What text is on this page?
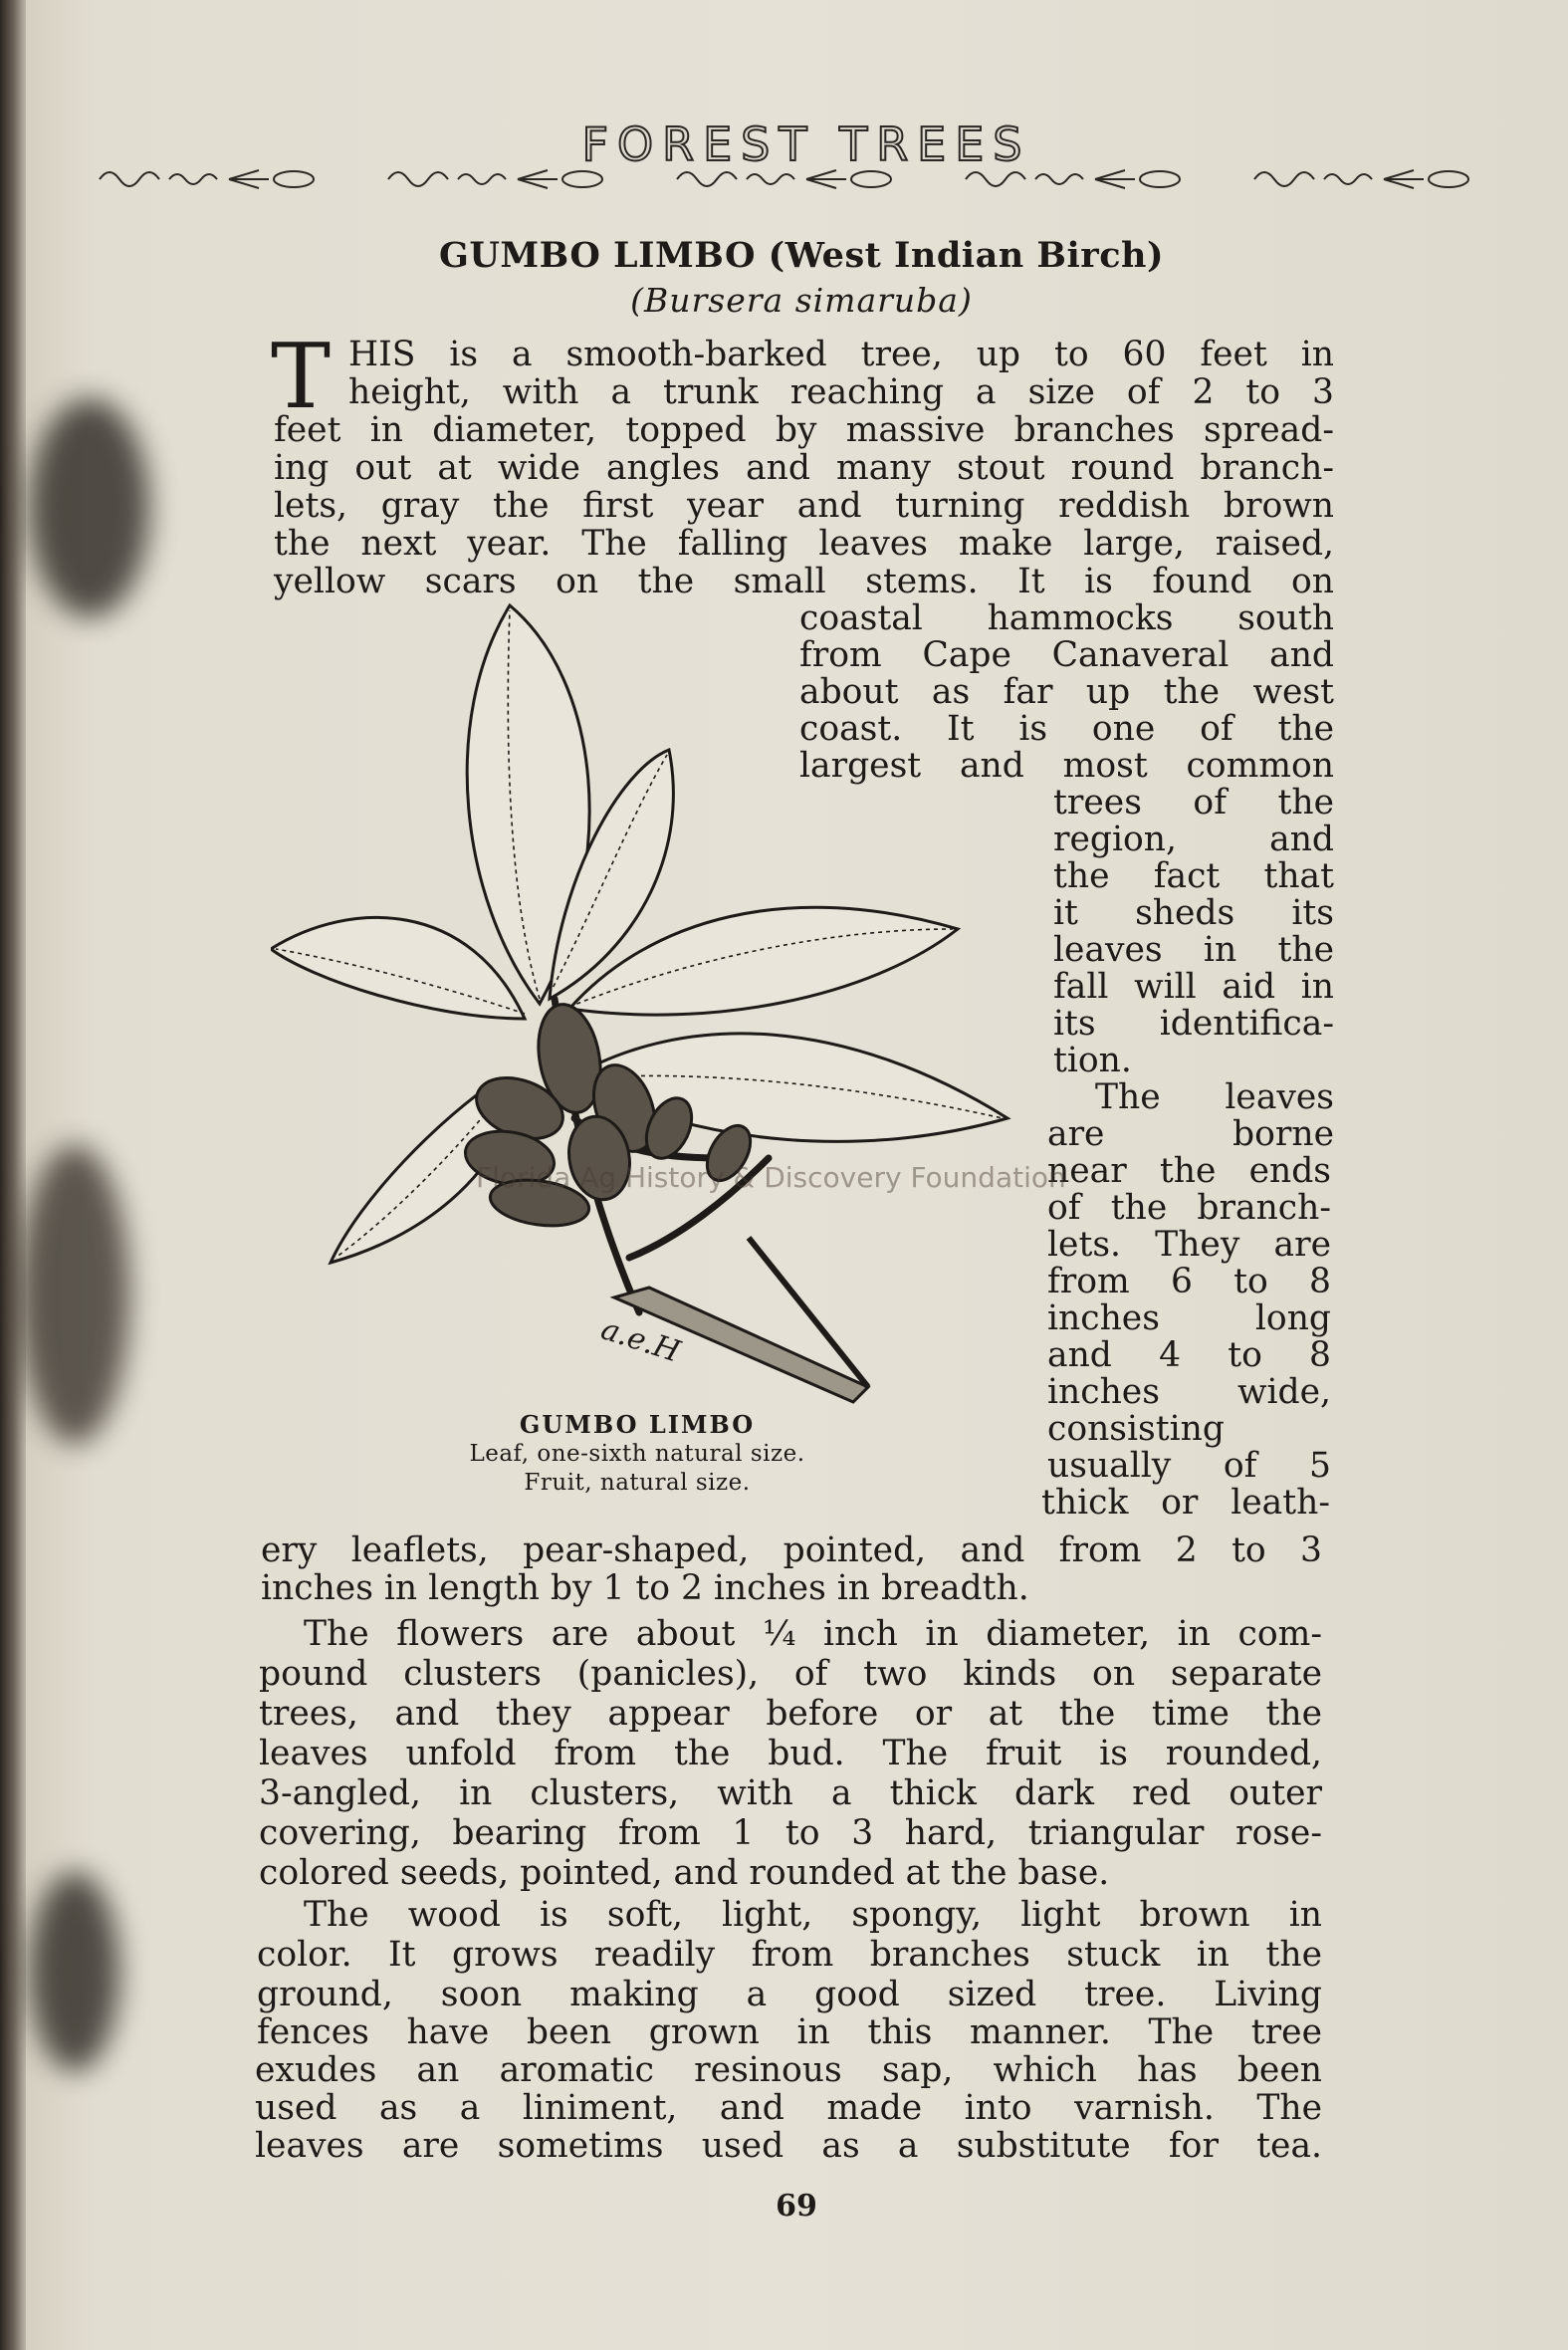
FOREST TREES
GUMBO LIMBO (West Indian Birch)
(Bursera simaruba)
T HIS is a smooth-barked tree, up to 60 feet in

height, with a trunk reaching a size of 2 to 3

feet in diameter, topped by massive branches spread-

ing out at wide angles and many stout round branch-

lets, gray the first year and turning reddish brown

the next year. The falling leaves make large, raised,

yellow scars on the small stems. It is found on

coastal hammocks south

from Cape Canaveral and

about as far up the west

coast. It is one of the

largest and most common

trees of the

region, and

the fact that

it sheds its

leaves in the

fall will aid in

its identifica-

tion.

The leaves

are borne

near the ends

of the branch-

lets. They are

from 6 to 8

inches long

and 4 to 8

inches wide,

consisting

usually of 5

thick or leath-

a.e.H
Florida Ag History & Discovery Foundation
GUMBO LIMBO
Leaf, one-sixth natural size.
Fruit, natural size.

ery leaflets, pear-shaped, pointed, and from 2 to 3

inches in length by 1 to 2 inches in breadth.

The flowers are about ¼ inch in diameter, in com-

pound clusters (panicles), of two kinds on separate

trees, and they appear before or at the time the

leaves unfold from the bud. The fruit is rounded,

3-angled, in clusters, with a thick dark red outer

covering, bearing from 1 to 3 hard, triangular rose-

colored seeds, pointed, and rounded at the base.

The wood is soft, light, spongy, light brown in

color. It grows readily from branches stuck in the

ground, soon making a good sized tree. Living

fences have been grown in this manner. The tree

exudes an aromatic resinous sap, which has been

used as a liniment, and made into varnish. The

leaves are sometims used as a substitute for tea.

69
